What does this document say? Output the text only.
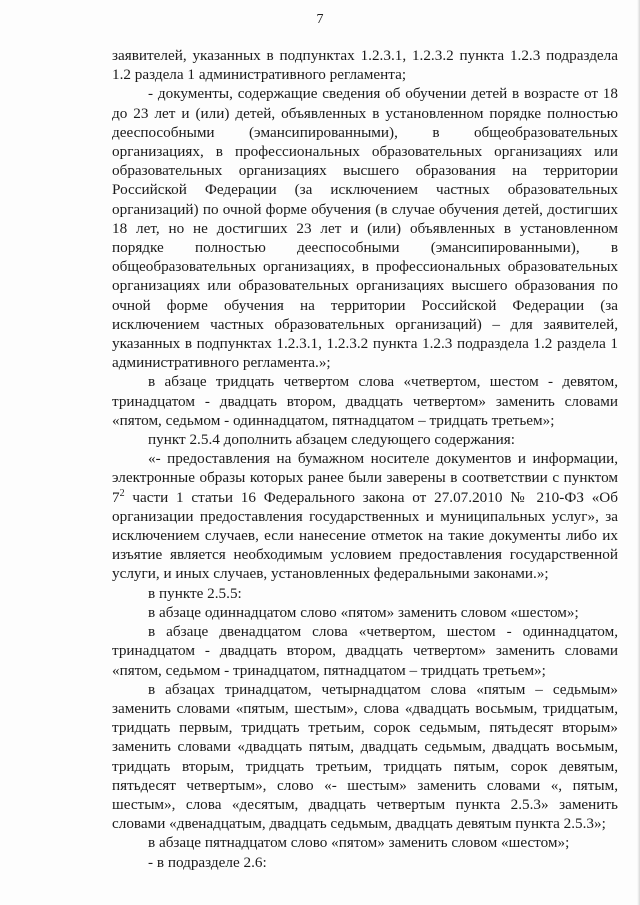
7

заявителей, указанных в подпунктах 1.2.3.1, 1.2.3.2 пункта 1.2.3 подраздела 1.2 раздела 1 административного регламента;

- документы, содержащие сведения об обучении детей в возрасте от 18 до 23 лет и (или) детей, объявленных в установленном порядке полностью дееспособными (эмансипированными), в общеобразовательных организациях, в профессиональных образовательных организациях или образовательных организациях высшего образования на территории Российской Федерации (за исключением частных образовательных организаций) по очной форме обучения (в случае обучения детей, достигших 18 лет, но не достигших 23 лет и (или) объявленных в установленном порядке полностью дееспособными (эмансипированными), в общеобразовательных организациях, в профессиональных образовательных организациях или образовательных организациях высшего образования по очной форме обучения на территории Российской Федерации (за исключением частных образовательных организаций) – для заявителей, указанных в подпунктах 1.2.3.1, 1.2.3.2 пункта 1.2.3 подраздела 1.2 раздела 1 административного регламента.»;

в абзаце тридцать четвертом слова «четвертом, шестом - девятом, тринадцатом - двадцать втором, двадцать четвертом» заменить словами «пятом, седьмом - одиннадцатом, пятнадцатом – тридцать третьем»;

пункт 2.5.4 дополнить абзацем следующего содержания:

«- предоставления на бумажном носителе документов и информации, электронные образы которых ранее были заверены в соответствии с пунктом $7^2$ части 1 статьи 16 Федерального закона от 27.07.2010 № 210-ФЗ «Об организации предоставления государственных и муниципальных услуг», за исключением случаев, если нанесение отметок на такие документы либо их изъятие является необходимым условием предоставления государственной услуги, и иных случаев, установленных федеральными законами.»;

в пункте 2.5.5:

в абзаце одиннадцатом слово «пятом» заменить словом «шестом»;

в абзаце двенадцатом слова «четвертом, шестом - одиннадцатом, тринадцатом - двадцать втором, двадцать четвертом» заменить словами «пятом, седьмом - тринадцатом, пятнадцатом – тридцать третьем»;

в абзацах тринадцатом, четырнадцатом слова «пятым – седьмым» заменить словами «пятым, шестым», слова «двадцать восьмым, тридцатым, тридцать первым, тридцать третьим, сорок седьмым, пятьдесят вторым» заменить словами «двадцать пятым, двадцать седьмым, двадцать восьмым, тридцать вторым, тридцать третьим, тридцать пятым, сорок девятым, пятьдесят четвертым», слово «- шестым» заменить словами «, пятым, шестым», слова «десятым, двадцать четвертым пункта 2.5.3» заменить словами «двенадцатым, двадцать седьмым, двадцать девятым пункта 2.5.3»;

в абзаце пятнадцатом слово «пятом» заменить словом «шестом»;

- в подразделе 2.6:
